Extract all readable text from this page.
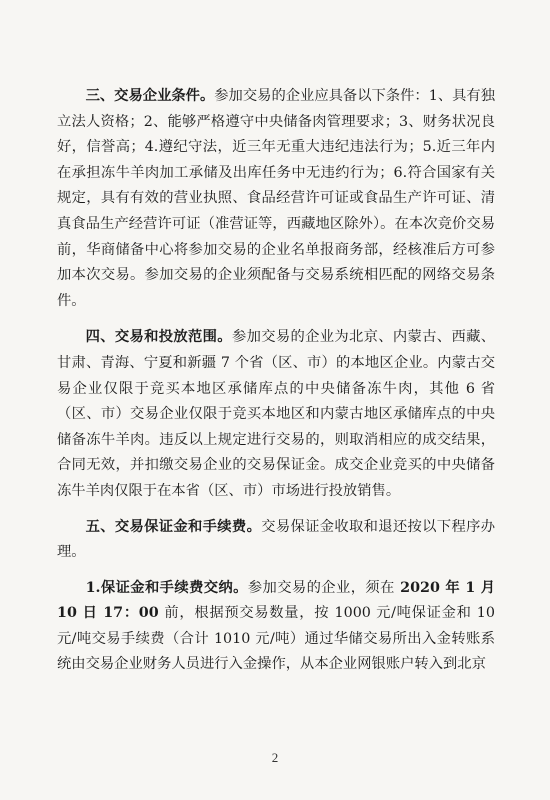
三、交易企业条件。参加交易的企业应具备以下条件：1、具有独立法人资格；2、能够严格遵守中央储备肉管理要求；3、财务状况良好，信誉高；4.遵纪守法，近三年无重大违纪违法行为；5.近三年内在承担冻牛羊肉加工承储及出库任务中无违约行为；6.符合国家有关规定，具有有效的营业执照、食品经营许可证或食品生产许可证、清真食品生产经营许可证（准营证等，西藏地区除外）。在本次竞价交易前，华商储备中心将参加交易的企业名单报商务部，经核准后方可参加本次交易。参加交易的企业须配备与交易系统相匹配的网络交易条件。

四、交易和投放范围。参加交易的企业为北京、内蒙古、西藏、甘肃、青海、宁夏和新疆 7 个省（区、市）的本地区企业。内蒙古交易企业仅限于竞买本地区承储库点的中央储备冻牛肉，其他 6 省（区、市）交易企业仅限于竞买本地区和内蒙古地区承储库点的中央储备冻牛羊肉。违反以上规定进行交易的，则取消相应的成交结果，合同无效，并扣缴交易企业的交易保证金。成交企业竞买的中央储备冻牛羊肉仅限于在本省（区、市）市场进行投放销售。

五、交易保证金和手续费。交易保证金收取和退还按以下程序办理。

1.保证金和手续费交纳。参加交易的企业，须在 2020 年 1 月 10 日 17：00 前，根据预交易数量，按 1000 元/吨保证金和 10 元/吨交易手续费（合计 1010 元/吨）通过华储交易所出入金转账系统由交易企业财务人员进行入金操作，从本企业网银账户转入到北京

2
